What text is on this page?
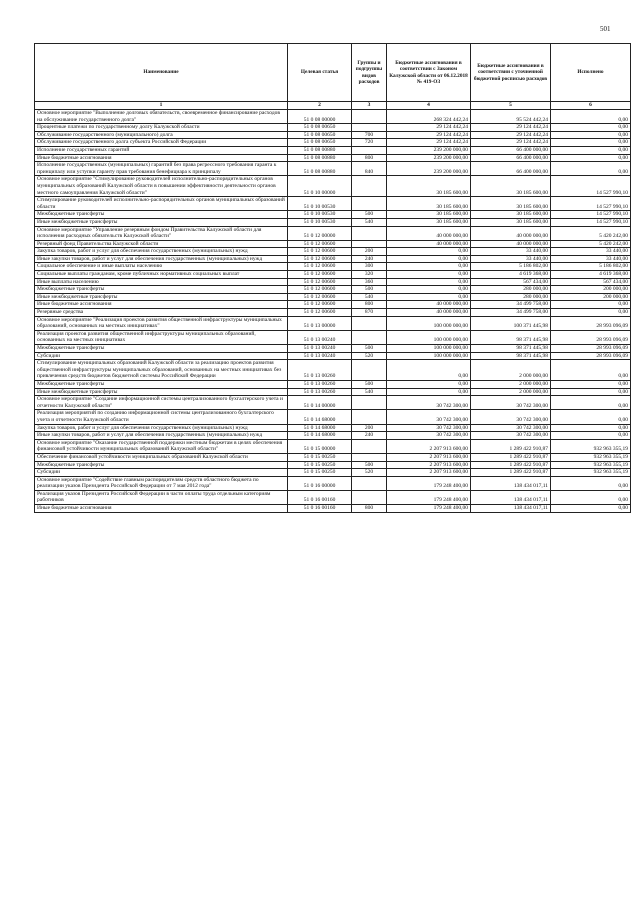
501
Наименование	Целевая статья	Группы и подгруппы видов расходов	Бюджетные ассигнования в соответствии с Законом Калужской области от 06.12.2018 № 419-ОЗ	Бюджетные ассигнования в соответствии с уточненной бюджетной росписью расходов	Исполнено
1	2	3	4	5	6
Основное мероприятие "Выполнение долговых обязательств, своевременное финансирование расходов на обслуживание государственного долга"	51 0 08 00000		268 324 442,24	95 524 442,24	0,00
Процентные платежи по государственному долгу Калужской области	51 0 08 00650		29 124 442,24	29 124 442,24	0,00
Обслуживание государственного (муниципального) долга	51 0 08 00650	700	29 124 442,24	29 124 442,24	0,00
Обслуживание государственного долга субъекта Российской Федерации	51 0 08 00650	720	29 124 442,24	29 124 442,24	0,00
Исполнение государственных гарантий	51 0 08 00880		239 200 000,00	66 400 000,00	0,00
Иные бюджетные ассигнования	51 0 08 00880	800	239 200 000,00	66 400 000,00	0,00
Исполнение государственных (муниципальных) гарантий без права регрессного требования гаранта к принципалу или уступки гаранту прав требования бенефициара к принципалу	51 0 08 00880	840	239 200 000,00	66 400 000,00	0,00
Основное мероприятие "Стимулирование руководителей исполнительно-распорядительных органов муниципальных образований Калужской области в повышении эффективности деятельности органов местного самоуправления Калужской области"	51 0 10 00000		30 185 600,00	30 185 600,00	14 527 990,10
Стимулирование руководителей исполнительно-распорядительных органов муниципальных образований области	51 0 10 00530		30 185 600,00	30 185 600,00	14 527 990,10
Межбюджетные трансферты	51 0 10 00530	500	30 185 600,00	30 185 600,00	14 527 990,10
Иные межбюджетные трансферты	51 0 10 00530	540	30 185 600,00	30 185 600,00	14 527 990,10
Основное мероприятие "Управление резервным фондом Правительства Калужской области для исполнения расходных обязательств Калужской области"	51 0 12 00000		40 000 000,00	40 000 000,00	5 420 242,00
Резервный фонд Правительства Калужской области	51 0 12 00600		40 000 000,00	40 000 000,00	5 420 242,00
Закупка товаров, работ и услуг для обеспечения государственных (муниципальных) нужд	51 0 12 00600	200	0,00	33 440,00	33 440,00
Иные закупки товаров, работ и услуг для обеспечения государственных (муниципальных) нужд	51 0 12 00600	240	0,00	33 440,00	33 440,00
Социальное обеспечение и иные выплаты населению	51 0 12 00600	300	0,00	5 186 802,00	5 186 802,00
Социальные выплаты гражданам, кроме публичных нормативных социальных выплат	51 0 12 00600	320	0,00	4 619 368,00	4 619 368,00
Иные выплаты населению	51 0 12 00600	360	0,00	567 434,00	567 434,00
Межбюджетные трансферты	51 0 12 00600	500	0,00	280 000,00	200 000,00
Иные межбюджетные трансферты	51 0 12 00600	540	0,00	280 000,00	200 000,00
Иные бюджетные ассигнования	51 0 12 00600	800	40 000 000,00	34 499 758,00	0,00
Резервные средства	51 0 12 00600	870	40 000 000,00	34 499 758,00	0,00
Основное мероприятие "Реализация проектов развития общественной инфраструктуры муниципальных образований, основанных на местных инициативах"	51 0 13 00000		100 000 000,00	100 371 445,98	28 993 096,09
Реализация проектов развития общественной инфраструктуры муниципальных образований, основанных на местных инициативах	51 0 13 00240		100 000 000,00	98 371 445,98	28 993 096,09
Межбюджетные трансферты	51 0 13 00240	500	100 000 000,00	98 371 445,98	28 993 096,09
Субсидии	51 0 13 00240	520	100 000 000,00	98 371 445,98	28 993 096,09
Стимулирование муниципальных образований Калужской области за реализацию проектов развития общественной инфраструктуры муниципальных образований, основанных на местных инициативах без привлечения средств бюджетов бюджетной системы Российской Федерации	51 0 13 00260		0,00	2 000 000,00	0,00
Межбюджетные трансферты	51 0 13 00260	500	0,00	2 000 000,00	0,00
Иные межбюджетные трансферты	51 0 13 00260	540	0,00	2 000 000,00	0,00
Основное мероприятие "Создание информационной системы централизованного бухгалтерского учета и отчетности Калужской области"	51 0 14 00000		30 742 300,00	30 742 300,00	0,00
Реализация мероприятий по созданию информационной системы централизованного бухгалтерского учета и отчетности Калужской области	51 0 14 68000		30 742 300,00	30 742 300,00	0,00
Закупка товаров, работ и услуг для обеспечения государственных (муниципальных) нужд	51 0 14 68000	200	30 742 300,00	30 742 300,00	0,00
Иные закупки товаров, работ и услуг для обеспечения государственных (муниципальных) нужд	51 0 14 68000	240	30 742 300,00	30 742 300,00	0,00
Основное мероприятие "Оказание государственной поддержки местным бюджетам в целях обеспечения финансовой устойчивости муниципальных образований Калужской области"	51 0 15 00000		2 207 913 600,00	1 289 422 910,87	932 963 355,19
Обеспечение финансовой устойчивости муниципальных образований Калужской области	51 0 15 00250		2 207 913 600,00	1 289 422 910,87	932 963 355,19
Межбюджетные трансферты	51 0 15 00250	500	2 207 913 600,00	1 289 422 910,87	932 963 355,19
Субсидии	51 0 15 00250	520	2 207 913 600,00	1 289 422 910,87	932 963 355,19
Основное мероприятие "Содействие главным распорядителям средств областного бюджета по реализации указов Президента Российской Федерации от 7 мая 2012 года"	51 0 16 00000		179 248 400,00	138 434 017,11	0,00
Реализация указов Президента Российской Федерации в части оплаты труда отдельным категориям работников	51 0 16 00160		179 248 400,00	138 434 017,11	0,00
Иные бюджетные ассигнования	51 0 16 00160	800	179 248 400,00	138 434 017,11	0,00
